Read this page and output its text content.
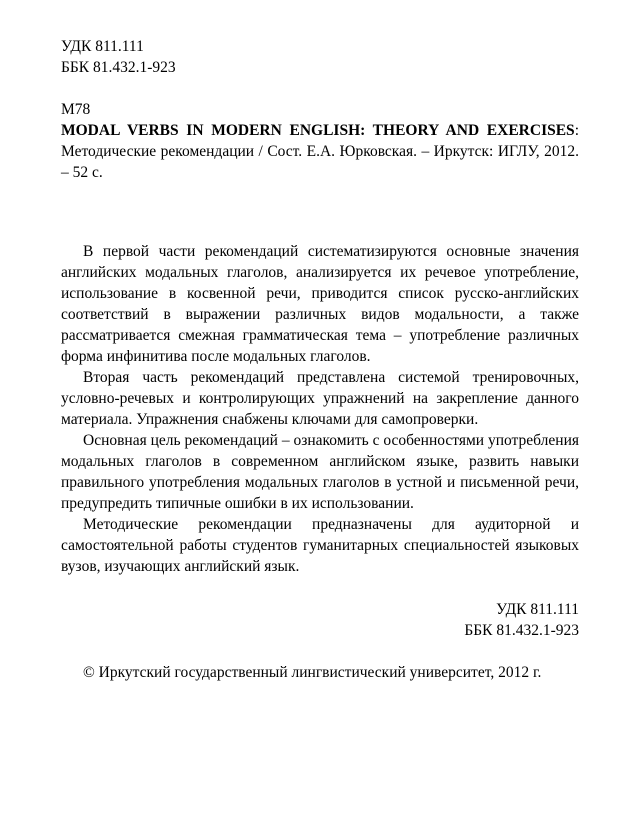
УДК 811.111
ББК 81.432.1-923
М78
MODAL VERBS IN MODERN ENGLISH: THEORY AND EXERCISES: Методические рекомендации / Сост. Е.А. Юрковская. – Иркутск: ИГЛУ, 2012. – 52 с.

В первой части рекомендаций систематизируются основные значения английских модальных глаголов, анализируется их речевое употребление, использование в косвенной речи, приводится список русско-английских соответствий в выражении различных видов модальности, а также рассматривается смежная грамматическая тема – употребление различных форма инфинитива после модальных глаголов.

Вторая часть рекомендаций представлена системой тренировочных, условно-речевых и контролирующих упражнений на закрепление данного материала. Упражнения снабжены ключами для самопроверки.

Основная цель рекомендаций – ознакомить с особенностями употребления модальных глаголов в современном английском языке, развить навыки правильного употребления модальных глаголов в устной и письменной речи, предупредить типичные ошибки в их использовании.

Методические рекомендации предназначены для аудиторной и самостоятельной работы студентов гуманитарных специальностей языковых вузов, изучающих английский язык.

УДК 811.111
ББК 81.432.1-923
© Иркутский государственный лингвистический университет, 2012 г.
